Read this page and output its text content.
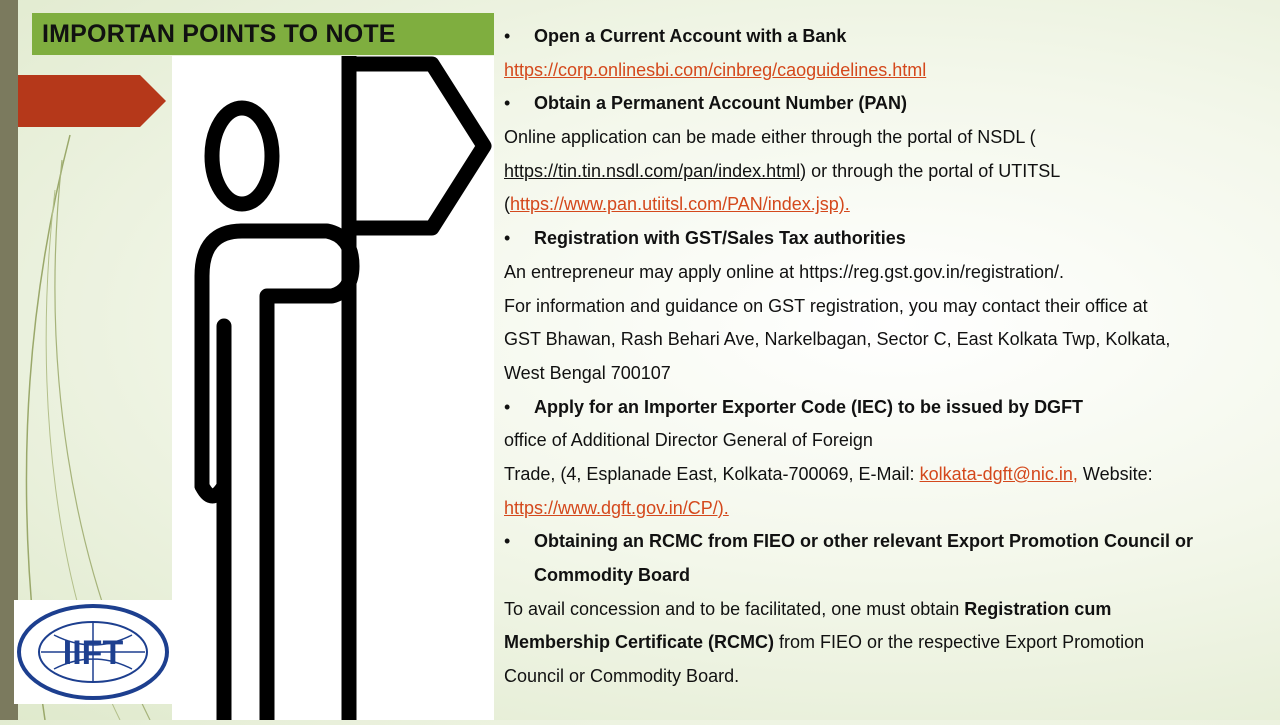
IMPORTAN POINTS TO NOTE
IIFT
• Open a Current Account with a Bank
https://corp.onlinesbi.com/cinbreg/caoguidelines.html
• Obtain a Permanent Account Number (PAN)
Online application can be made either through the portal of NSDL (
https://tin.tin.nsdl.com/pan/index.html) or through the portal of UTITSL
(https://www.pan.utiitsl.com/PAN/index.jsp).
• Registration with GST/Sales Tax authorities
An entrepreneur may apply online at https://reg.gst.gov.in/registration/.
For information and guidance on GST registration, you may contact their office at
GST Bhawan, Rash Behari Ave, Narkelbagan, Sector C, East Kolkata Twp, Kolkata,
West Bengal 700107
• Apply for an Importer Exporter Code (IEC) to be issued by DGFT
office of Additional Director General of Foreign
Trade, (4, Esplanade East, Kolkata-700069, E-Mail: kolkata-dgft@nic.in, Website:
https://www.dgft.gov.in/CP/).
• Obtaining an RCMC from FIEO or other relevant Export Promotion Council or
Commodity Board
To avail concession and to be facilitated, one must obtain Registration cum
Membership Certificate (RCMC) from FIEO or the respective Export Promotion
Council or Commodity Board.
